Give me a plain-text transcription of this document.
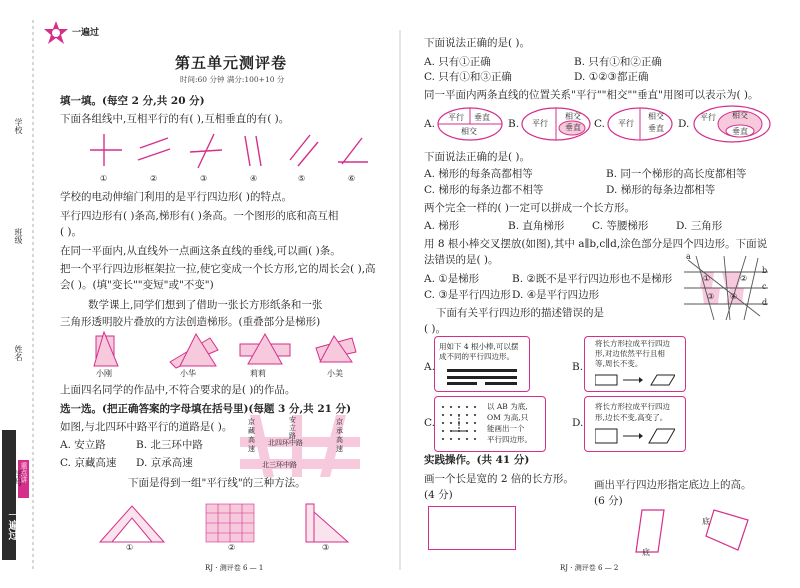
学校
班级
姓名
学号
一遍过
重点讲
一遍过
第五单元测评卷
时间:60 分钟 满分:100+10 分
填一填。(每空 2 分,共 20 分)
下面各组线中,互相平行的有( ),互相垂直的有( )。
①	②	③	④	⑤	⑥
学校的电动伸缩门利用的是平行四边形( )的特点。
平行四边形有( )条高,梯形有( )条高。一个图形的底和高互相
( )。
在同一平面内,从直线外一点画这条直线的垂线,可以画( )条。
把一个平行四边形框架拉一拉,使它变成一个长方形,它的周长会( ),高
会( )。(填"变长""变短"或"不变")
数学课上,同学们想到了借助一张长方形纸条和一张
三角形透明胶片叠放的方法创造梯形。(重叠部分是梯形)
小刚	小华	莉莉	小美
上面四名同学的作品中,不符合要求的是( )的作品。
选一选。(把正确答案的字母填在括号里)(每题 3 分,共 21 分)
如图,与北四环中路平行的道路是( )。
A. 安立路	B. 北三环中路
C. 京藏高速 D. 京承高速
京藏高速
安立路
京承高速
北四环中路
北三环中路
下面是得到一组"平行线"的三种方法。
①	②	③
RJ · 测评卷 6 — 1
下面说法正确的是( )。
A. 只有①正确	B. 只有①和②正确
C. 只有①和③正确	D. ①②③都正确
同一平面内两条直线的位置关系"平行""相交""垂直"用图可以表示为( )。
A.
平行 垂直
相交
B. 平行
相交
垂直 C. 平行
相交
垂直 D.
平行 相交
垂直
下面说法正确的是( )。
A. 梯形的每条高都相等	B. 同一个梯形的高长度都相等
C. 梯形的每条边都不相等	D. 梯形的每条边都相等
两个完全一样的( )一定可以拼成一个长方形。
A. 梯形	B. 直角梯形	C. 等腰梯形	D. 三角形
用 8 根小棒交叉摆放(如图),其中 a∥b,c∥d,涂色部分是四个四边形。下面说
法错误的是( )。
A. ①是梯形	B. ②既不是平行四边形也不是梯形
C. ③是平行四边形 D. ④是平行四边形
a
b
c
d
①	②
③ ④
下面有关平行四边形的描述错误的是
( )。
A.
用如下 4 根小棒,可以摆
成不同的平行四边形。
B.
将长方形拉成平行四边
形,对边依然平行且相
等,周长不变。
C.
以 AB 为底,
OM 为高,只
能画出一个
平行四边形。
D.
将长方形拉成平行四边
形,边长不变,高变了。
实践操作。(共 41 分)
画一个长是宽的 2 倍的长方形。
(4 分)
画出平行四边形指定底边上的高。
(6 分)
底
底
RJ · 测评卷 6 — 2
